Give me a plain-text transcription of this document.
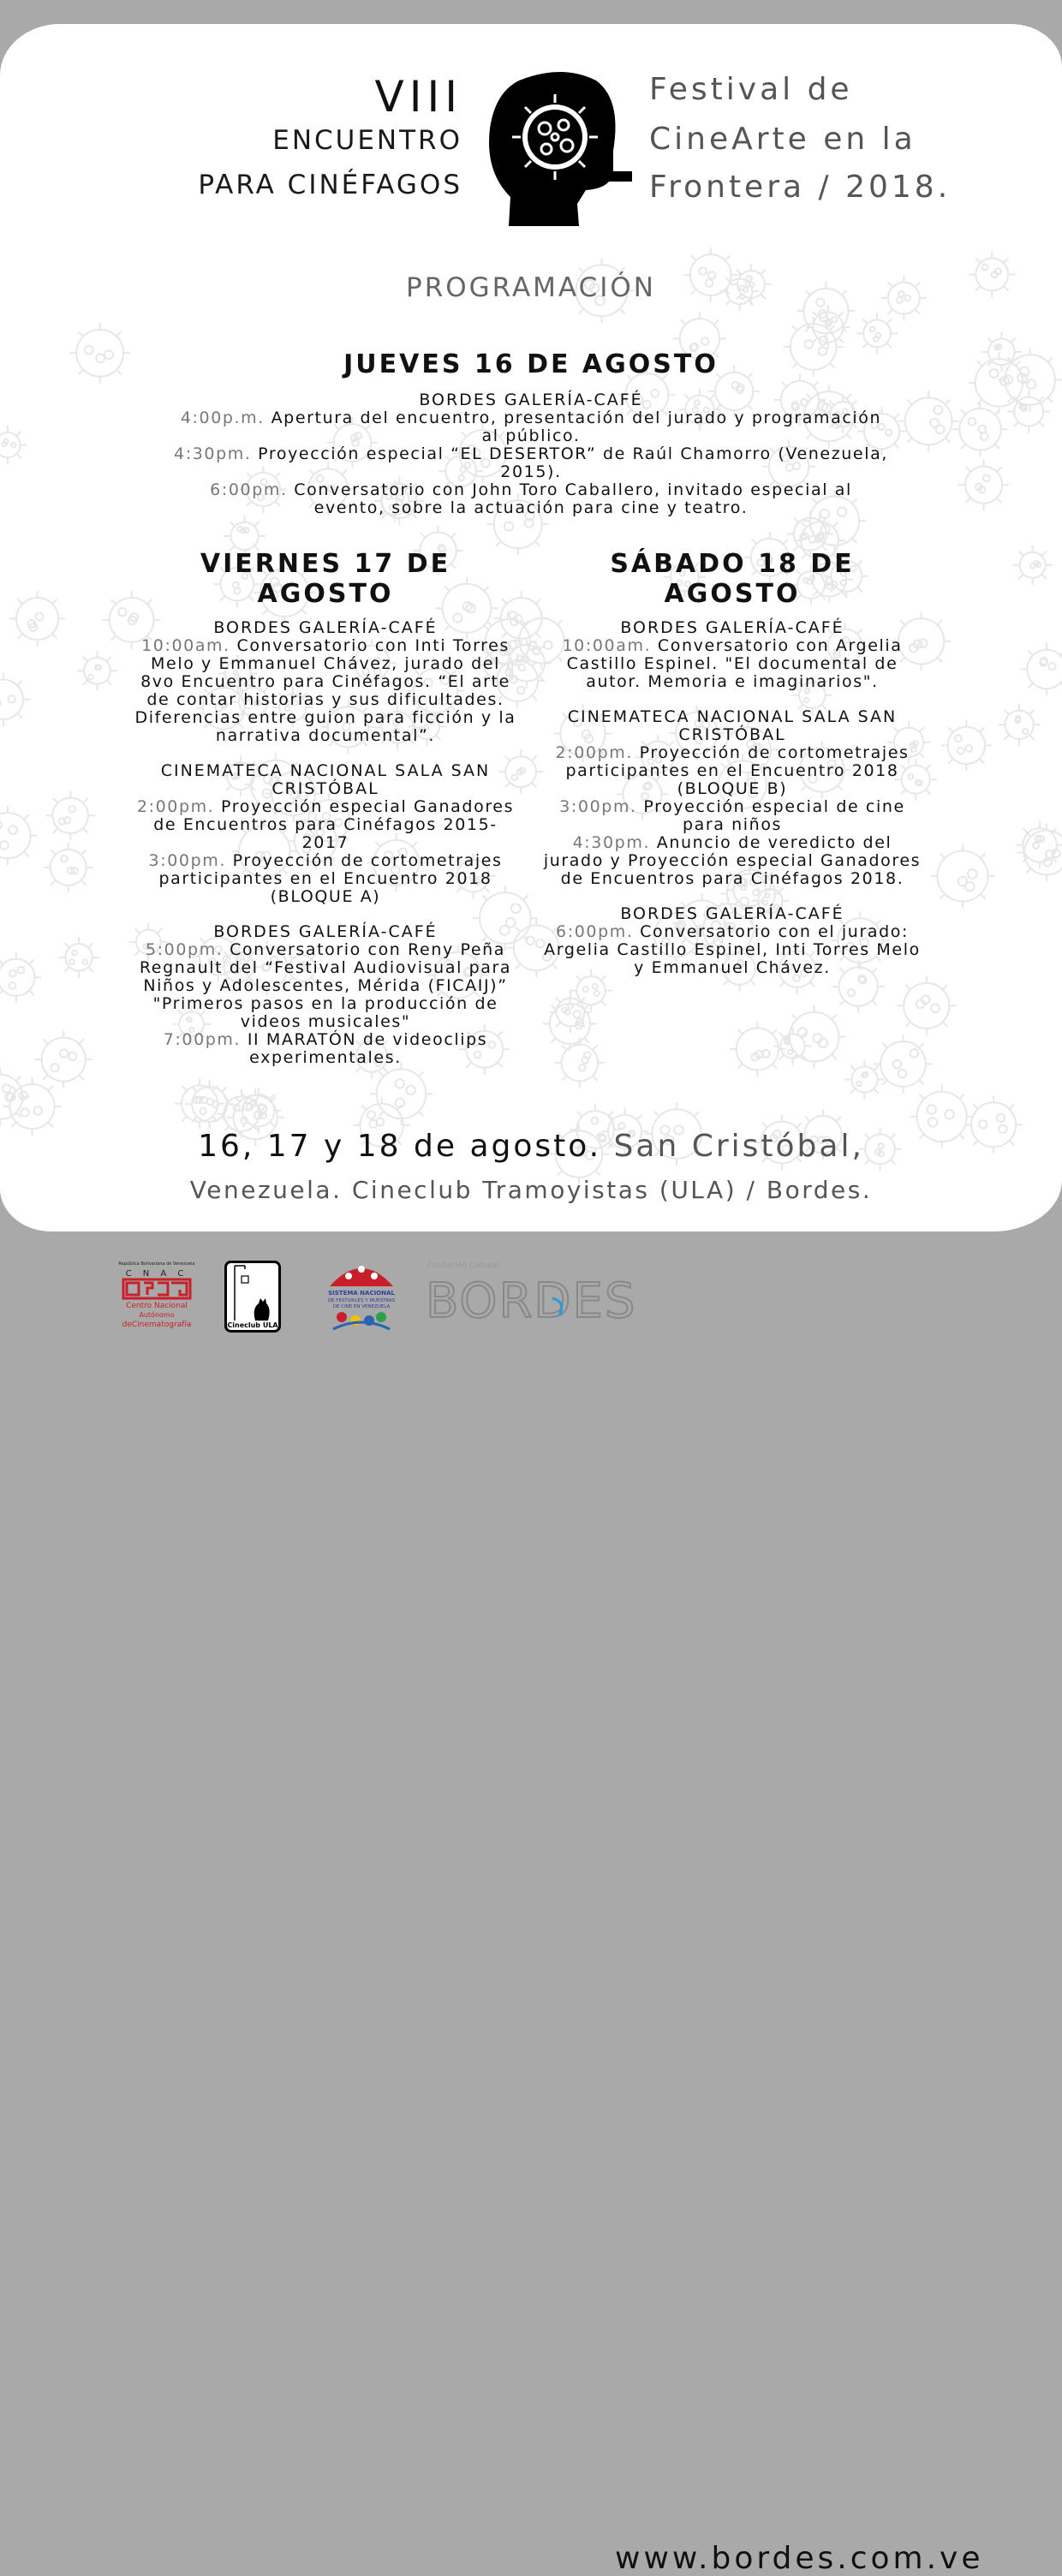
VIII
ENCUENTRO
PARA CINÉFAGOS
Festival de
CineArte en la
Frontera / 2018.
PROGRAMACIÓN
JUEVES 16 DE AGOSTO

BORDES GALERÍA-CAFÉ

4:00p.m. Apertura del encuentro, presentación del jurado y programación al público.

4:30pm. Proyección especial “EL DESERTOR” de Raúl Chamorro (Venezuela, 2015).

6:00pm. Conversatorio con John Toro Caballero, invitado especial al evento, sobre la actuación para cine y teatro.

VIERNES 17 DE AGOSTO

BORDES GALERÍA-CAFÉ

10:00am. Conversatorio con Inti Torres Melo y Emmanuel Chávez, jurado del 8vo Encuentro para Cinéfagos. “El arte de contar historias y sus dificultades. Diferencias entre guion para ficción y la narrativa documental”.

CINEMATECA NACIONAL SALA SAN CRISTÓBAL

2:00pm. Proyección especial Ganadores de Encuentros para Cinéfagos 2015-2017

3:00pm. Proyección de cortometrajes participantes en el Encuentro 2018 (BLOQUE A)

BORDES GALERÍA-CAFÉ

5:00pm. Conversatorio con Reny Peña Regnault del “Festival Audiovisual para Niños y Adolescentes, Mérida (FICAIJ)” "Primeros pasos en la producción de videos musicales"

7:00pm. II MARATÓN de videoclips experimentales.

SÁBADO 18 DE AGOSTO

BORDES GALERÍA-CAFÉ

10:00am. Conversatorio con Argelia Castillo Espinel. "El documental de autor. Memoria e imaginarios".

CINEMATECA NACIONAL SALA SAN CRISTÓBAL

2:00pm. Proyección de cortometrajes participantes en el Encuentro 2018 (BLOQUE B)

3:00pm. Proyección especial de cine para niños

4:30pm. Anuncio de veredicto del jurado y Proyección especial Ganadores de Encuentros para Cinéfagos 2018.

BORDES GALERÍA-CAFÉ

6:00pm. Conversatorio con el jurado: Argelia Castillo Espinel, Inti Torres Melo y Emmanuel Chávez.

16, 17 y 18 de agosto. San Cristóbal,
Venezuela. Cineclub Tramoyistas (ULA) / Bordes.
República Bolivariana de Venezuela
C N A C
Centro Nacional
Autónomo
deCinematografía	Cineclub ULA
SISTEMA NACIONAL
DE FESTIVALES Y MUESTRAS
DE CINE EN VENEZUELA
Fundación Cultural
BORDES
www.bordes.com.ve
